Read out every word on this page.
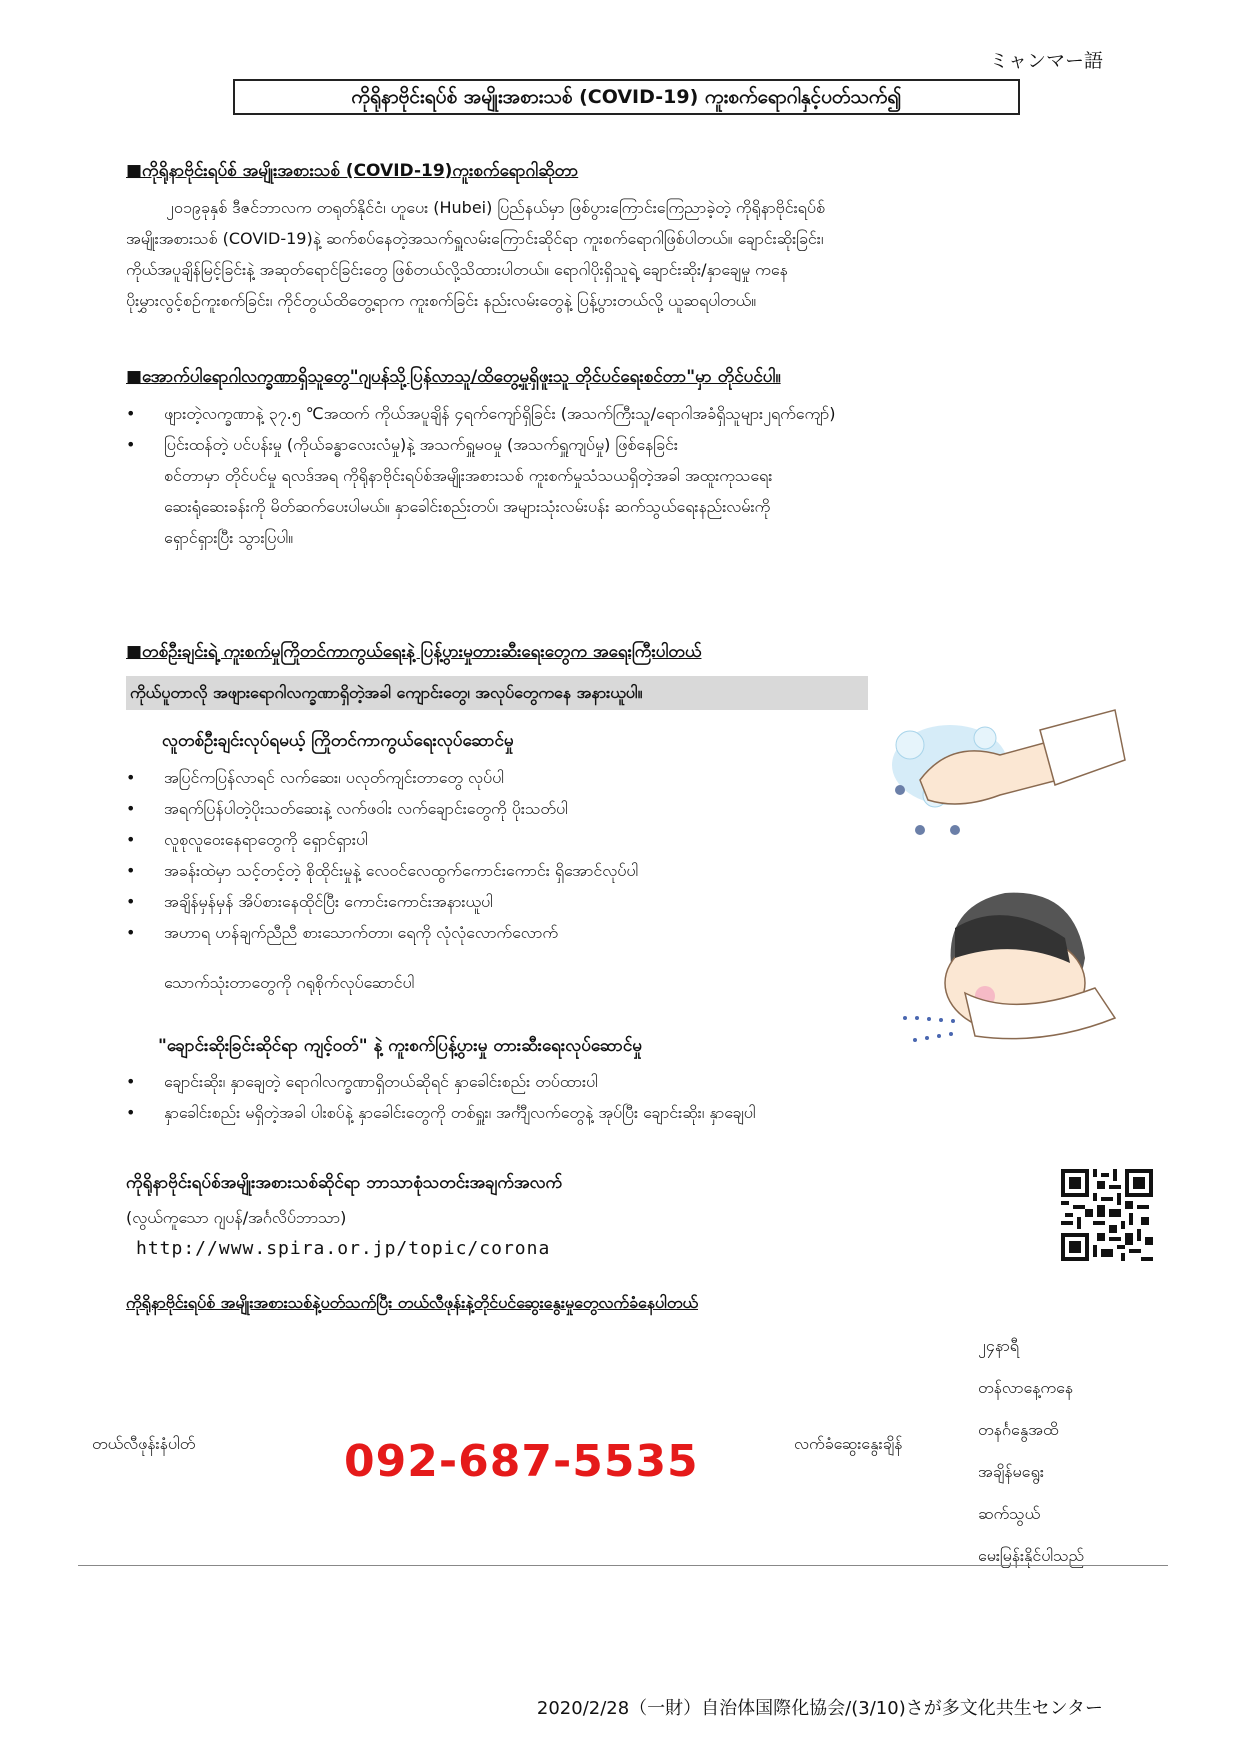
ミャンマー語
ကိုရိုနာဗိုင်းရပ်စ် အမျိုးအစားသစ် (COVID-19) ကူးစက်ရောဂါနှင့်ပတ်သက်၍
■ကိုရိုနာဗိုင်းရပ်စ် အမျိုးအစားသစ် (COVID-19)ကူးစက်ရောဂါဆိုတာ
၂၀၁၉ခုနှစ် ဒီဇင်ဘာလက တရုတ်နိုင်ငံ၊ ဟူပေး (Hubei) ပြည်နယ်မှာ ဖြစ်ပွားကြောင်းကြေညာခဲ့တဲ့ ကိုရိုနာဗိုင်းရပ်စ်
အမျိုးအစားသစ် (COVID-19)နဲ့ ဆက်စပ်နေတဲ့အသက်ရှူလမ်းကြောင်းဆိုင်ရာ ကူးစက်ရောဂါဖြစ်ပါတယ်။ ချောင်းဆိုးခြင်း၊
ကိုယ်အပူချိန်မြင့်ခြင်းနဲ့ အဆုတ်ရောင်ခြင်းတွေ ဖြစ်တယ်လို့သိထားပါတယ်။ ရောဂါပိုးရှိသူရဲ့ ချောင်းဆိုး/နှာချေမှု ကနေ
ပိုးမွှားလွင့်စဉ်ကူးစက်ခြင်း၊ ကိုင်တွယ်ထိတွေ့ရာက ကူးစက်ခြင်း နည်းလမ်းတွေနဲ့ ပြန့်ပွားတယ်လို့ ယူဆရပါတယ်။
■အောက်ပါရောဂါလက္ခဏာရှိသူတွေ"ဂျပန်သို့ပြန်လာသူ/ထိတွေ့မှုရှိဖူးသူ တိုင်ပင်ရေးစင်တာ"မှာ တိုင်ပင်ပါ။
• ဖျားတဲ့လက္ခဏာနဲ့ ၃၇.၅ ℃အထက် ကိုယ်အပူချိန် ၄ရက်ကျော်ရှိခြင်း (အသက်ကြီးသူ/ရောဂါအခံရှိသူများ၂ရက်ကျော်)
• ပြင်းထန်တဲ့ ပင်ပန်းမှု (ကိုယ်ခန္ဓာလေးလံမှု)နဲ့ အသက်ရှူမဝမှု (အသက်ရှူကျပ်မှု) ဖြစ်နေခြင်း
စင်တာမှာ တိုင်ပင်မှု ရလဒ်အရ ကိုရိုနာဗိုင်းရပ်စ်အမျိုးအစားသစ် ကူးစက်မှုသံသယရှိတဲ့အခါ အထူးကုသရေး
ဆေးရုံဆေးခန်းကို မိတ်ဆက်ပေးပါမယ်။ နှာခေါင်းစည်းတပ်၊ အများသုံးလမ်းပန်း ဆက်သွယ်ရေးနည်းလမ်းကို
ရှောင်ရှားပြီး သွားပြပါ။
■တစ်ဦးချင်းရဲ့ ကူးစက်မှုကြိုတင်ကာကွယ်ရေးနဲ့ ပြန့်ပွားမှုတားဆီးရေးတွေက အရေးကြီးပါတယ်
ကိုယ်ပူတာလို အဖျားရောဂါလက္ခဏာရှိတဲ့အခါ ကျောင်းတွေ၊ အလုပ်တွေကနေ အနားယူပါ။
လူတစ်ဦးချင်းလုပ်ရမယ့် ကြိုတင်ကာကွယ်ရေးလုပ်ဆောင်မှု
• အပြင်ကပြန်လာရင် လက်ဆေး၊ ပလုတ်ကျင်းတာတွေ လုပ်ပါ
• အရက်ပြန်ပါတဲ့ပိုးသတ်ဆေးနဲ့ လက်ဖဝါး လက်ချောင်းတွေကို ပိုးသတ်ပါ
• လူစုလူဝေးနေရာတွေကို ရှောင်ရှားပါ
• အခန်းထဲမှာ သင့်တင့်တဲ့ စိုထိုင်းမှုနဲ့ လေဝင်လေထွက်ကောင်းကောင်း ရှိအောင်လုပ်ပါ
• အချိန်မှန်မှန် အိပ်စားနေထိုင်ပြီး ကောင်းကောင်းအနားယူပါ
• အဟာရ ဟန်ချက်ညီညီ စားသောက်တာ၊ ရေကို လုံလုံလောက်လောက်
သောက်သုံးတာတွေကို ဂရုစိုက်လုပ်ဆောင်ပါ
"ချောင်းဆိုးခြင်းဆိုင်ရာ ကျင့်ဝတ်" နဲ့ ကူးစက်ပြန့်ပွားမှု တားဆီးရေးလုပ်ဆောင်မှု
• ချောင်းဆိုး၊ နှာချေတဲ့ ရောဂါလက္ခဏာရှိတယ်ဆိုရင် နှာခေါင်းစည်း တပ်ထားပါ
• နှာခေါင်းစည်း မရှိတဲ့အခါ ပါးစပ်နဲ့ နှာခေါင်းတွေကို တစ်ရှူး၊ အင်္ကျီလက်တွေနဲ့ အုပ်ပြီး ချောင်းဆိုး၊ နှာချေပါ
ကိုရိုနာဗိုင်းရပ်စ်အမျိုးအစားသစ်ဆိုင်ရာ ဘာသာစုံသတင်းအချက်အလက်
(လွယ်ကူသော ဂျပန်/အင်္ဂလိပ်ဘာသာ)
http://www.spira.or.jp/topic/corona
ကိုရိုနာဗိုင်းရပ်စ် အမျိုးအစားသစ်နဲ့ပတ်သက်ပြီး တယ်လီဖုန်းနဲ့တိုင်ပင်ဆွေးနွေးမှုတွေလက်ခံနေပါတယ်
တယ်လီဖုန်းနံပါတ်	092-687-5535	လက်ခံဆွေးနွေးချိန်
၂၄နာရီ
တန်လာနေ့ကနေ
တနင်္ဂနွေအထိ
အချိန်မရွေး
ဆက်သွယ်
မေးမြန်းနိုင်ပါသည်
2020/2/28（一財）自治体国際化協会/(3/10)さが多文化共生センター
